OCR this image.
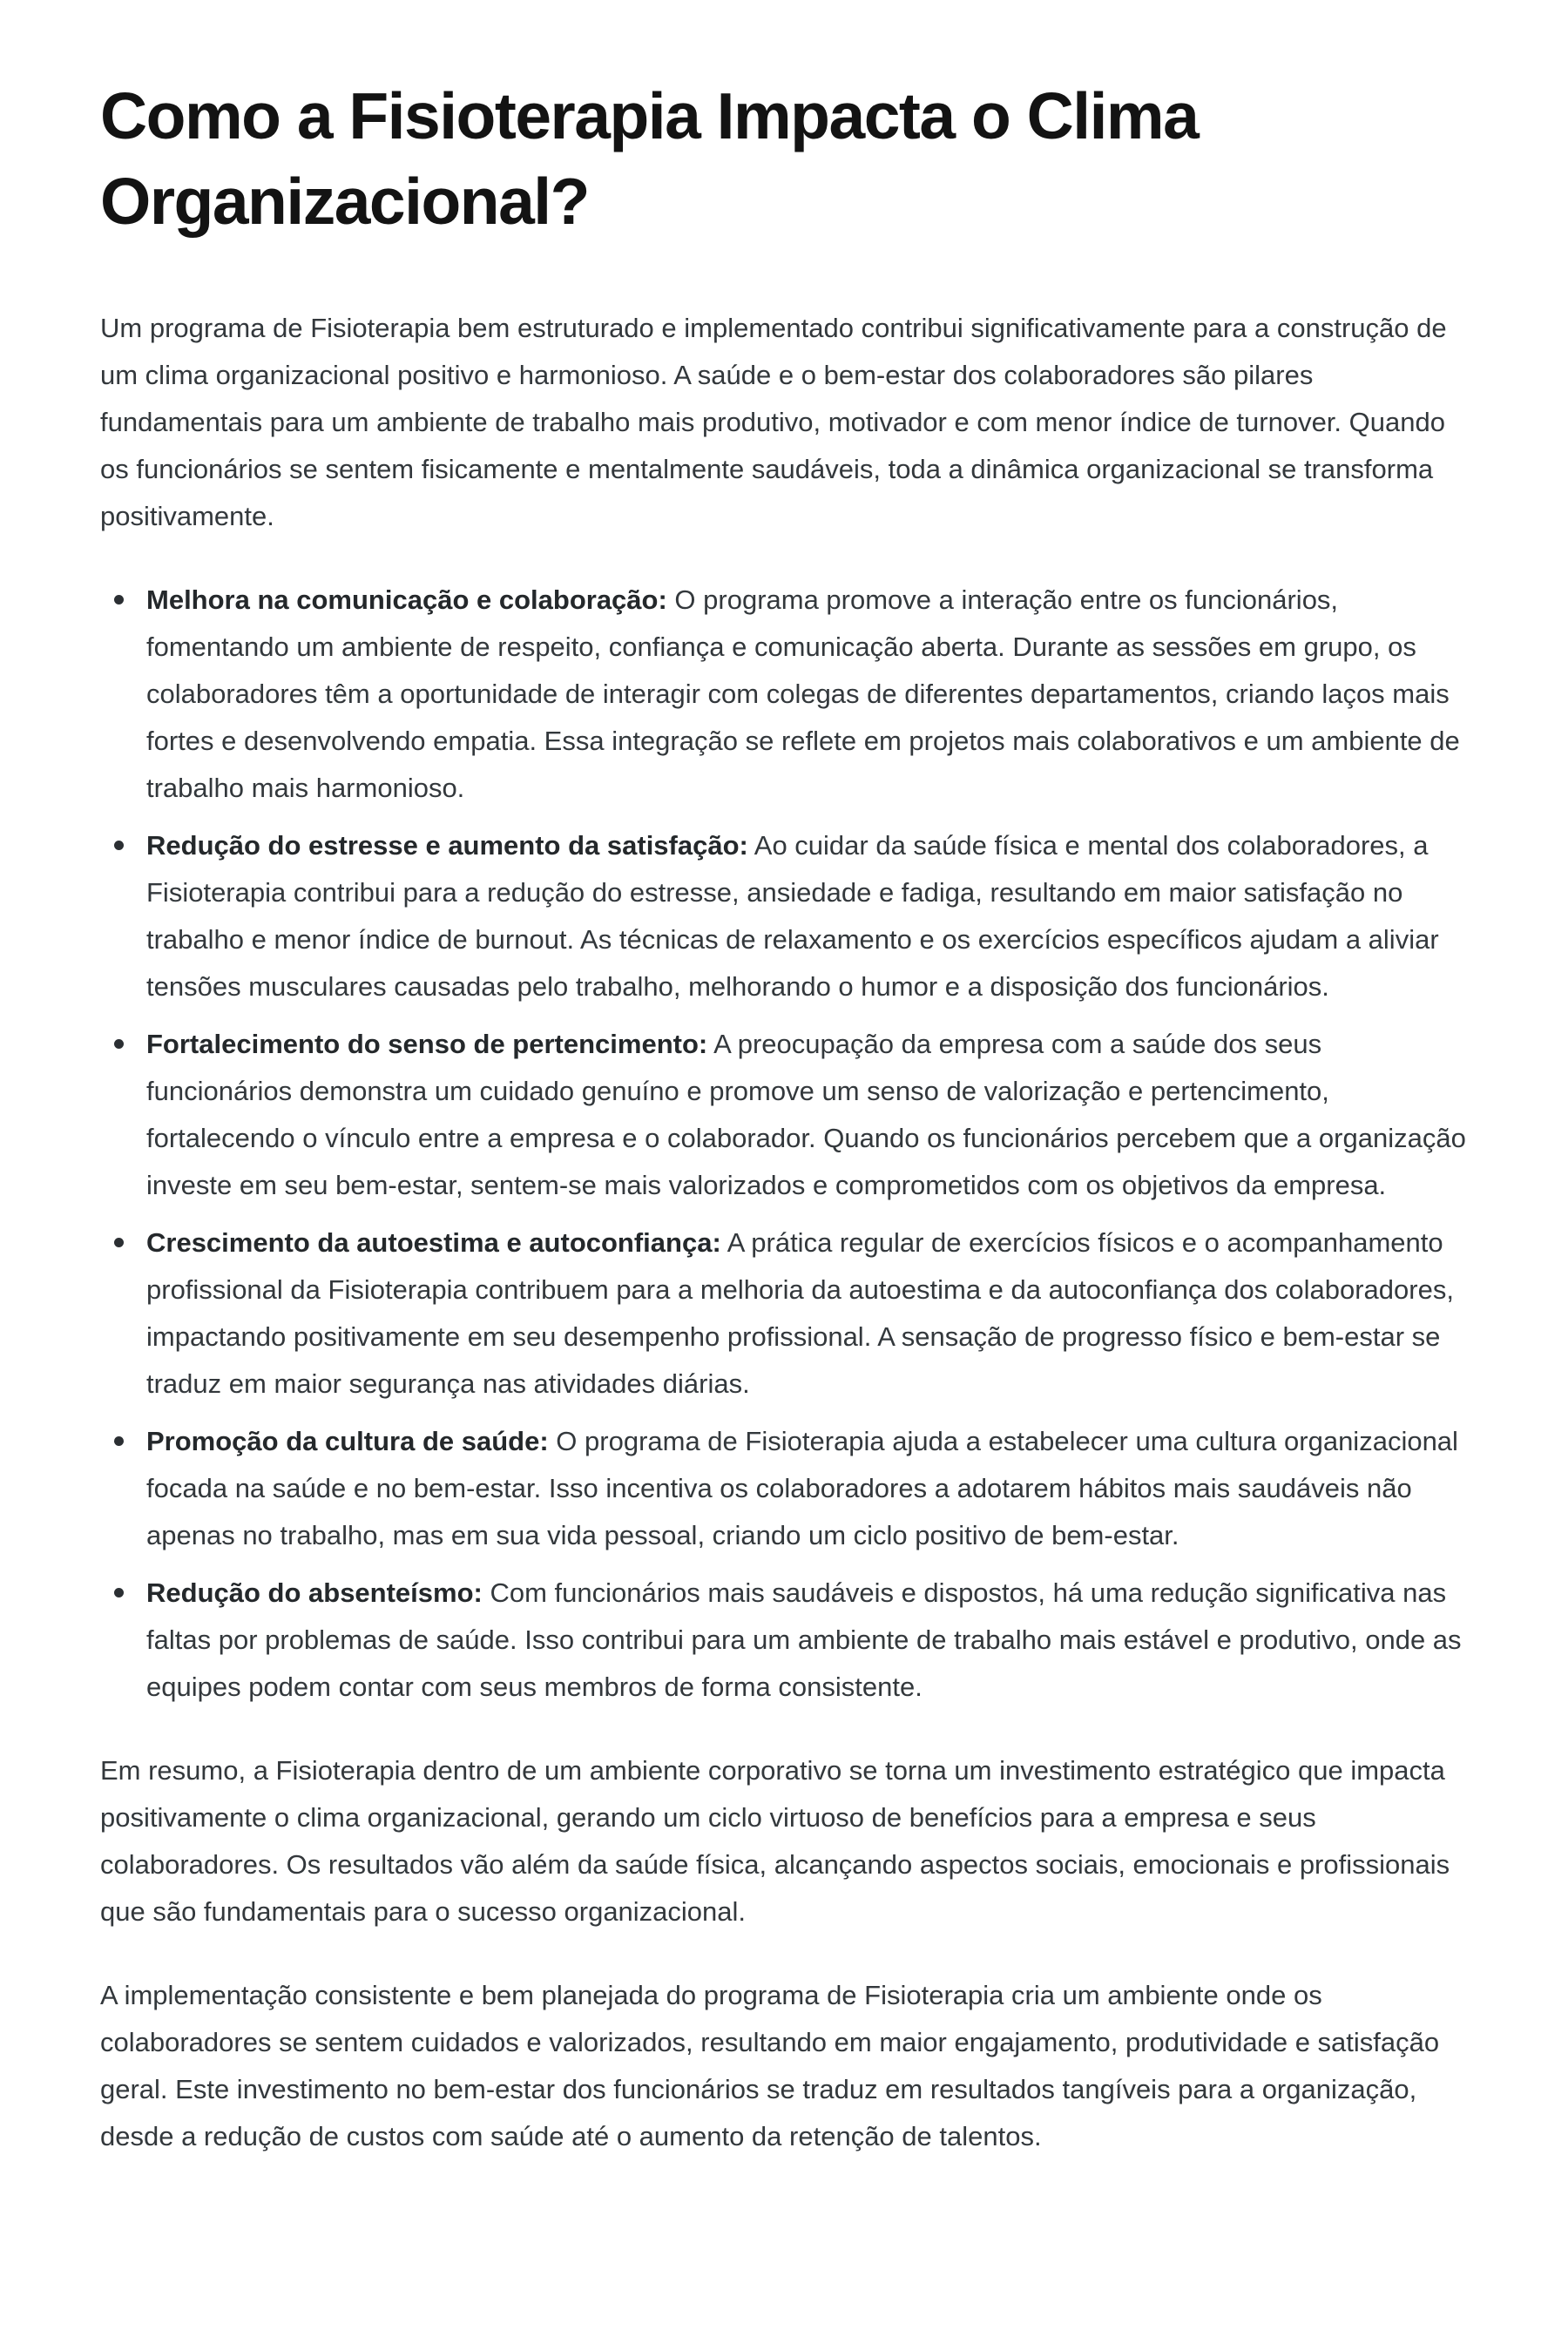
Como a Fisioterapia Impacta o Clima Organizacional?

Um programa de Fisioterapia bem estruturado e implementado contribui significativamente para a construção de um clima organizacional positivo e harmonioso. A saúde e o bem-estar dos colaboradores são pilares fundamentais para um ambiente de trabalho mais produtivo, motivador e com menor índice de turnover. Quando os funcionários se sentem fisicamente e mentalmente saudáveis, toda a dinâmica organizacional se transforma positivamente.

Melhora na comunicação e colaboração: O programa promove a interação entre os funcionários, fomentando um ambiente de respeito, confiança e comunicação aberta. Durante as sessões em grupo, os colaboradores têm a oportunidade de interagir com colegas de diferentes departamentos, criando laços mais fortes e desenvolvendo empatia. Essa integração se reflete em projetos mais colaborativos e um ambiente de trabalho mais harmonioso.
Redução do estresse e aumento da satisfação: Ao cuidar da saúde física e mental dos colaboradores, a Fisioterapia contribui para a redução do estresse, ansiedade e fadiga, resultando em maior satisfação no trabalho e menor índice de burnout. As técnicas de relaxamento e os exercícios específicos ajudam a aliviar tensões musculares causadas pelo trabalho, melhorando o humor e a disposição dos funcionários.
Fortalecimento do senso de pertencimento: A preocupação da empresa com a saúde dos seus funcionários demonstra um cuidado genuíno e promove um senso de valorização e pertencimento, fortalecendo o vínculo entre a empresa e o colaborador. Quando os funcionários percebem que a organização investe em seu bem-estar, sentem-se mais valorizados e comprometidos com os objetivos da empresa.
Crescimento da autoestima e autoconfiança: A prática regular de exercícios físicos e o acompanhamento profissional da Fisioterapia contribuem para a melhoria da autoestima e da autoconfiança dos colaboradores, impactando positivamente em seu desempenho profissional. A sensação de progresso físico e bem-estar se traduz em maior segurança nas atividades diárias.
Promoção da cultura de saúde: O programa de Fisioterapia ajuda a estabelecer uma cultura organizacional focada na saúde e no bem-estar. Isso incentiva os colaboradores a adotarem hábitos mais saudáveis não apenas no trabalho, mas em sua vida pessoal, criando um ciclo positivo de bem-estar.
Redução do absenteísmo: Com funcionários mais saudáveis e dispostos, há uma redução significativa nas faltas por problemas de saúde. Isso contribui para um ambiente de trabalho mais estável e produtivo, onde as equipes podem contar com seus membros de forma consistente.

Em resumo, a Fisioterapia dentro de um ambiente corporativo se torna um investimento estratégico que impacta positivamente o clima organizacional, gerando um ciclo virtuoso de benefícios para a empresa e seus colaboradores. Os resultados vão além da saúde física, alcançando aspectos sociais, emocionais e profissionais que são fundamentais para o sucesso organizacional.

A implementação consistente e bem planejada do programa de Fisioterapia cria um ambiente onde os colaboradores se sentem cuidados e valorizados, resultando em maior engajamento, produtividade e satisfação geral. Este investimento no bem-estar dos funcionários se traduz em resultados tangíveis para a organização, desde a redução de custos com saúde até o aumento da retenção de talentos.
